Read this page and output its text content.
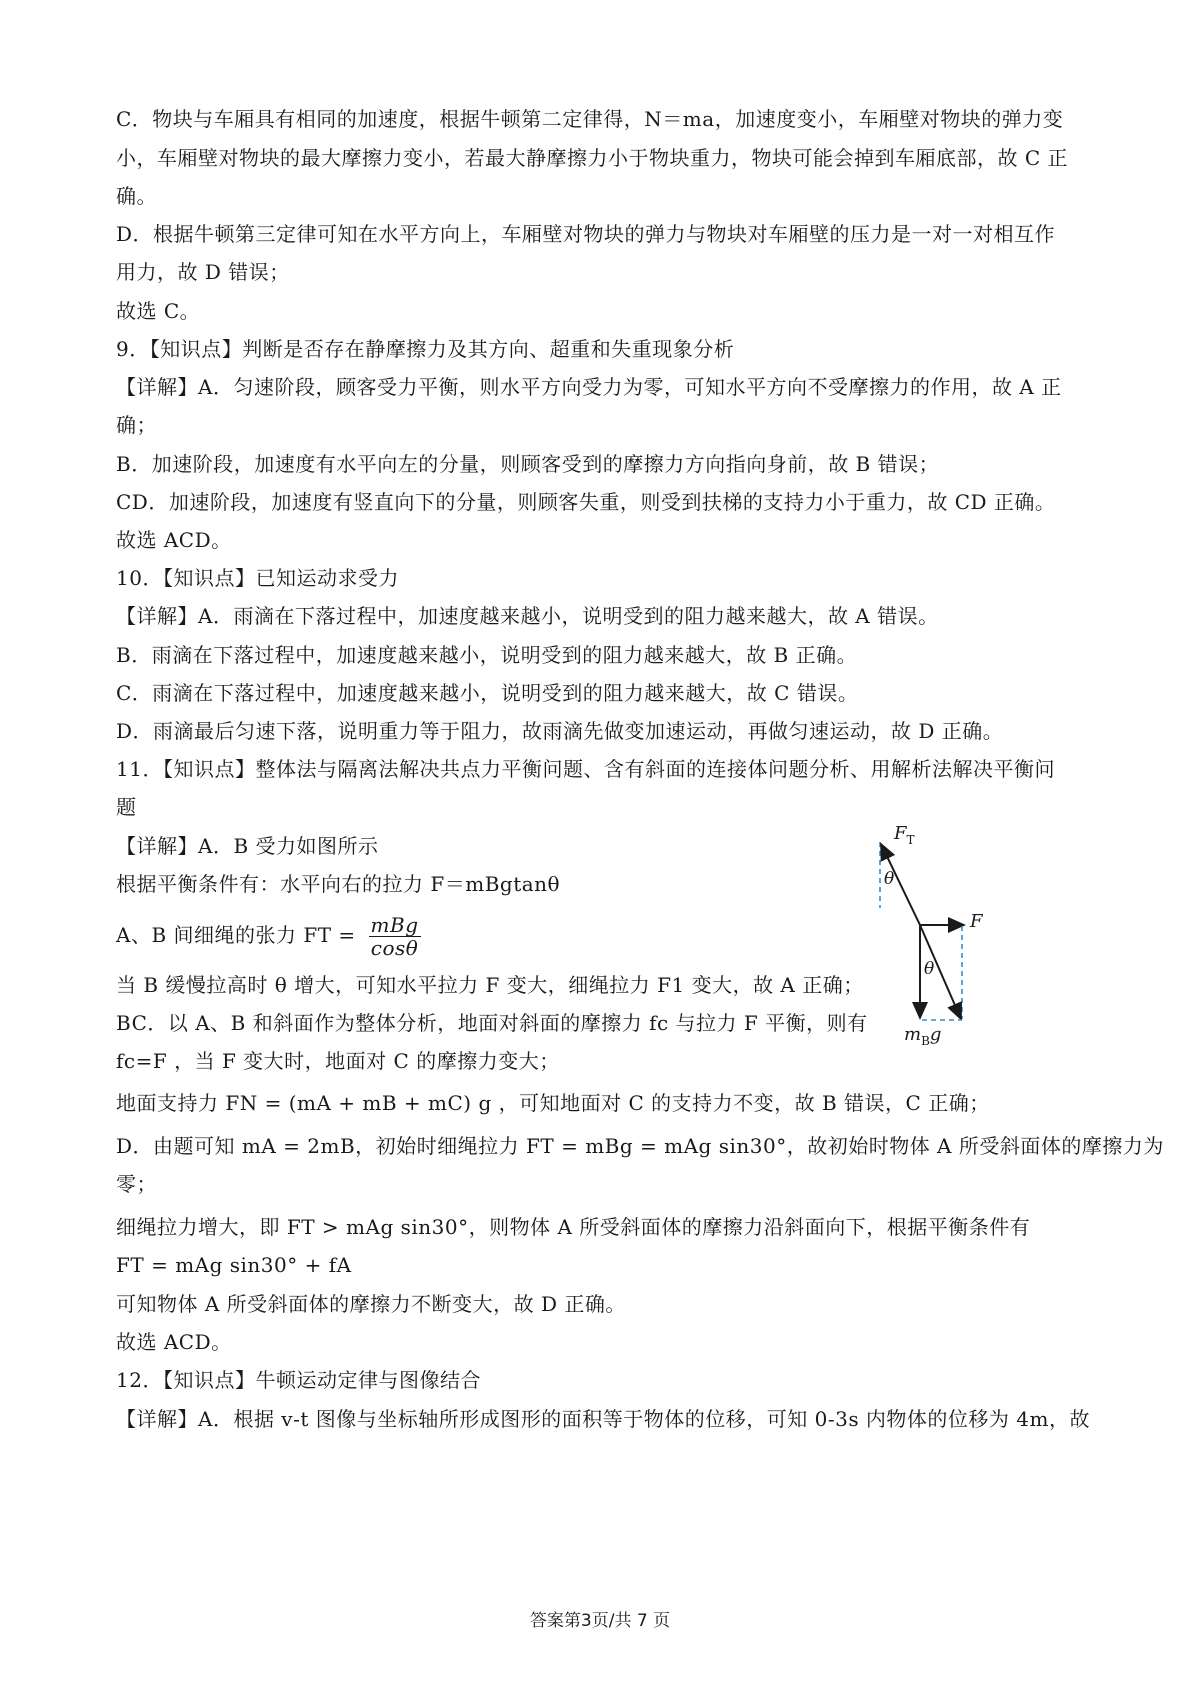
C．物块与车厢具有相同的加速度，根据牛顿第二定律得，N＝ma，加速度变小，车厢壁对物块的弹力变
小，车厢壁对物块的最大摩擦力变小，若最大静摩擦力小于物块重力，物块可能会掉到车厢底部，故 C 正
确。
D．根据牛顿第三定律可知在水平方向上，车厢壁对物块的弹力与物块对车厢壁的压力是一对一对相互作
用力，故 D 错误；
故选 C。
9．【知识点】判断是否存在静摩擦力及其方向、超重和失重现象分析
【详解】A．匀速阶段，顾客受力平衡，则水平方向受力为零，可知水平方向不受摩擦力的作用，故 A 正
确；
B．加速阶段，加速度有水平向左的分量，则顾客受到的摩擦力方向指向身前，故 B 错误；
CD．加速阶段，加速度有竖直向下的分量，则顾客失重，则受到扶梯的支持力小于重力，故 CD 正确。
故选 ACD。
10．【知识点】已知运动求受力
【详解】A．雨滴在下落过程中，加速度越来越小，说明受到的阻力越来越大，故 A 错误。
B．雨滴在下落过程中，加速度越来越小，说明受到的阻力越来越大，故 B 正确。
C．雨滴在下落过程中，加速度越来越小，说明受到的阻力越来越大，故 C 错误。
D．雨滴最后匀速下落，说明重力等于阻力，故雨滴先做变加速运动，再做匀速运动，故 D 正确。
11．【知识点】整体法与隔离法解决共点力平衡问题、含有斜面的连接体问题分析、用解析法解决平衡问
题
【详解】A．B 受力如图所示
根据平衡条件有：水平向右的拉力 F＝mBgtanθ
A、B 间细绳的张力 FT = $\frac{\text{mBg}}{\cos\theta}$
当 B 缓慢拉高时 θ 增大，可知水平拉力 F 变大，细绳拉力 F1 变大，故 A 正确；
BC．以 A、B 和斜面作为整体分析，地面对斜面的摩擦力 fc 与拉力 F 平衡，则有
fc=F ，当 F 变大时，地面对 C 的摩擦力变大；
地面支持力 FN = (mA + mB + mC) g ，可知地面对 C 的支持力不变，故 B 错误，C 正确；
D．由题可知 mA = 2mB，初始时细绳拉力 FT = mBg = mAg sin30°，故初始时物体 A 所受斜面体的摩擦力为
零；
细绳拉力增大，即 FT > mAg sin30°，则物体 A 所受斜面体的摩擦力沿斜面向下，根据平衡条件有
FT = mAg sin30° + fA
可知物体 A 所受斜面体的摩擦力不断变大，故 D 正确。
故选 ACD。
12．【知识点】牛顿运动定律与图像结合
【详解】A．根据 v-t 图像与坐标轴所形成图形的面积等于物体的位移，可知 0-3s 内物体的位移为 4m，故
$F_T$
θ
θ
F
$m_Bg$
答案第3页/共 7 页
